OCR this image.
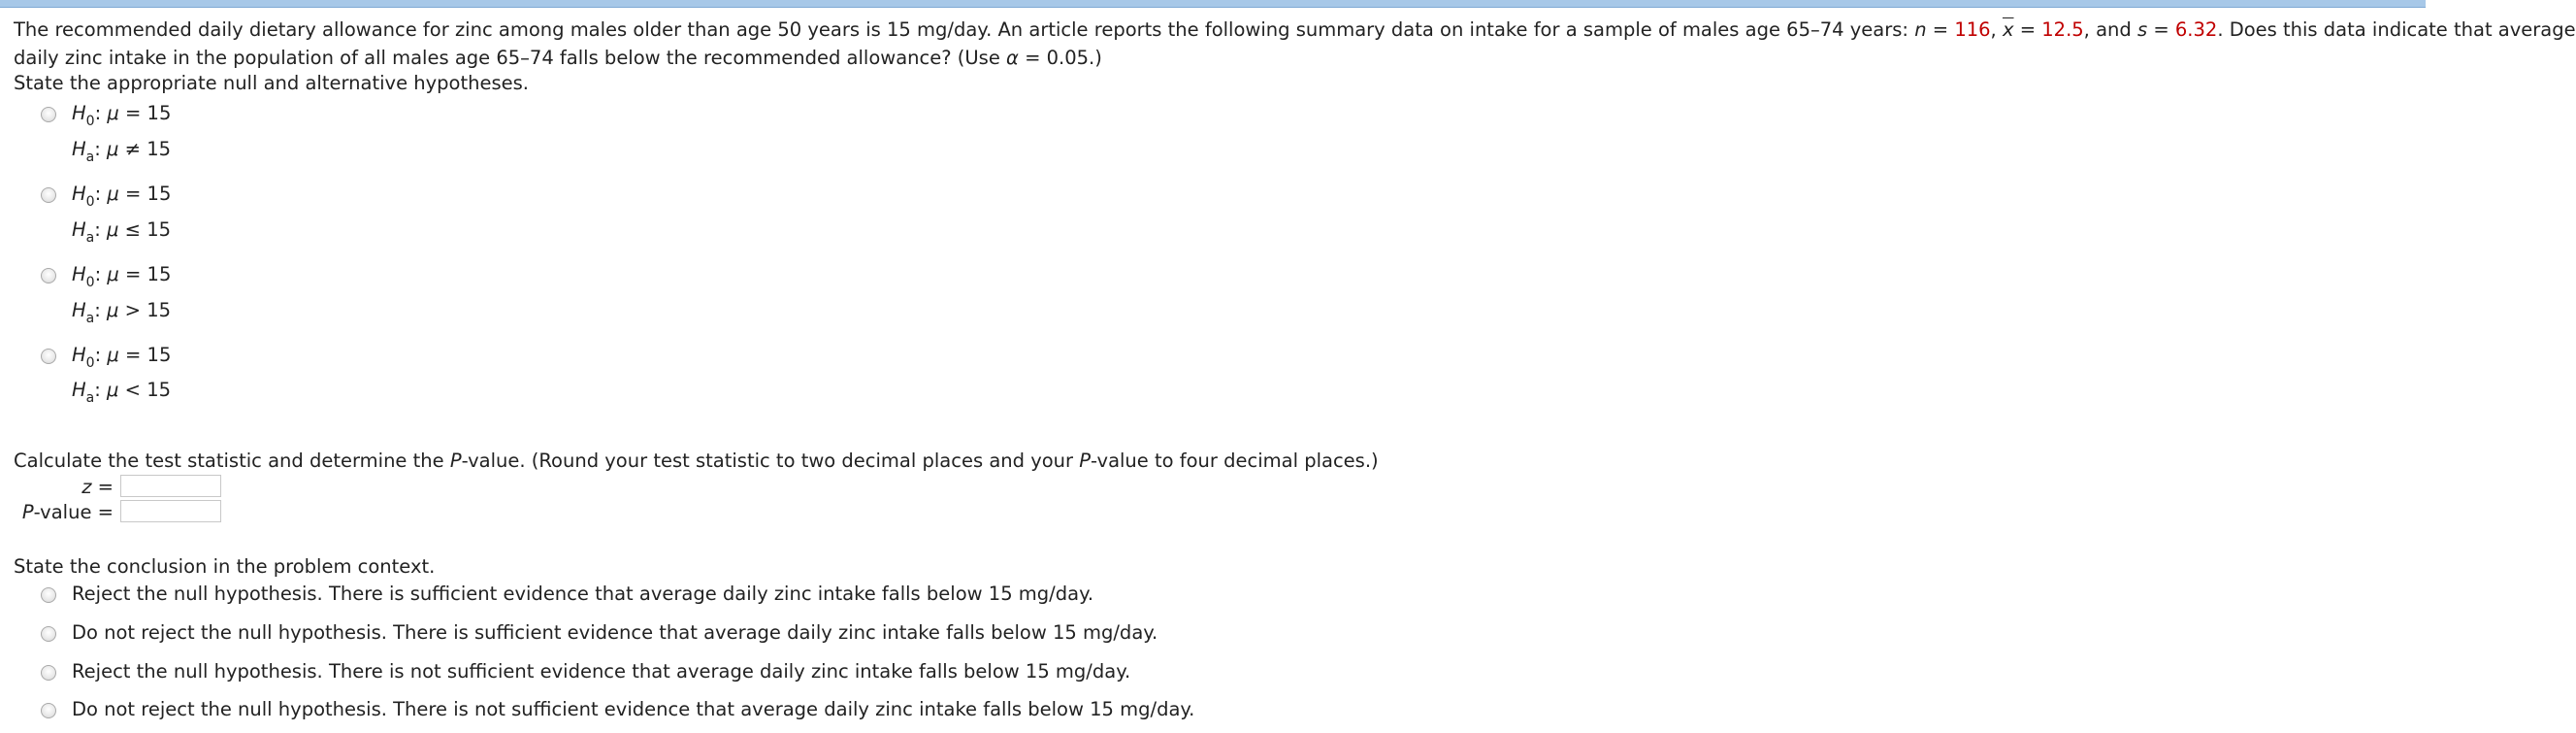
The recommended daily dietary allowance for zinc among males older than age 50 years is 15 mg/day. An article reports the following summary data on intake for a sample of males age 65–74 years: n = 116, $\overline{x} = 12.5$, and s = 6.32. Does this data indicate that average
daily zinc intake in the population of all males age 65–74 falls below the recommended allowance? (Use α = 0.05.)
State the appropriate null and alternative hypotheses.
$H_0$: μ = 15
$H_a$: μ ≠ 15
$H_0$: μ = 15
$H_a$: μ ≤ 15
$H_0$: μ = 15
$H_a$: μ > 15
$H_0$: μ = 15
$H_a$: μ < 15
Calculate the test statistic and determine the P-value. (Round your test statistic to two decimal places and your P-value to four decimal places.)
z =
P-value =
State the conclusion in the problem context.
Reject the null hypothesis. There is sufficient evidence that average daily zinc intake falls below 15 mg/day.
Do not reject the null hypothesis. There is sufficient evidence that average daily zinc intake falls below 15 mg/day.
Reject the null hypothesis. There is not sufficient evidence that average daily zinc intake falls below 15 mg/day.
Do not reject the null hypothesis. There is not sufficient evidence that average daily zinc intake falls below 15 mg/day.
